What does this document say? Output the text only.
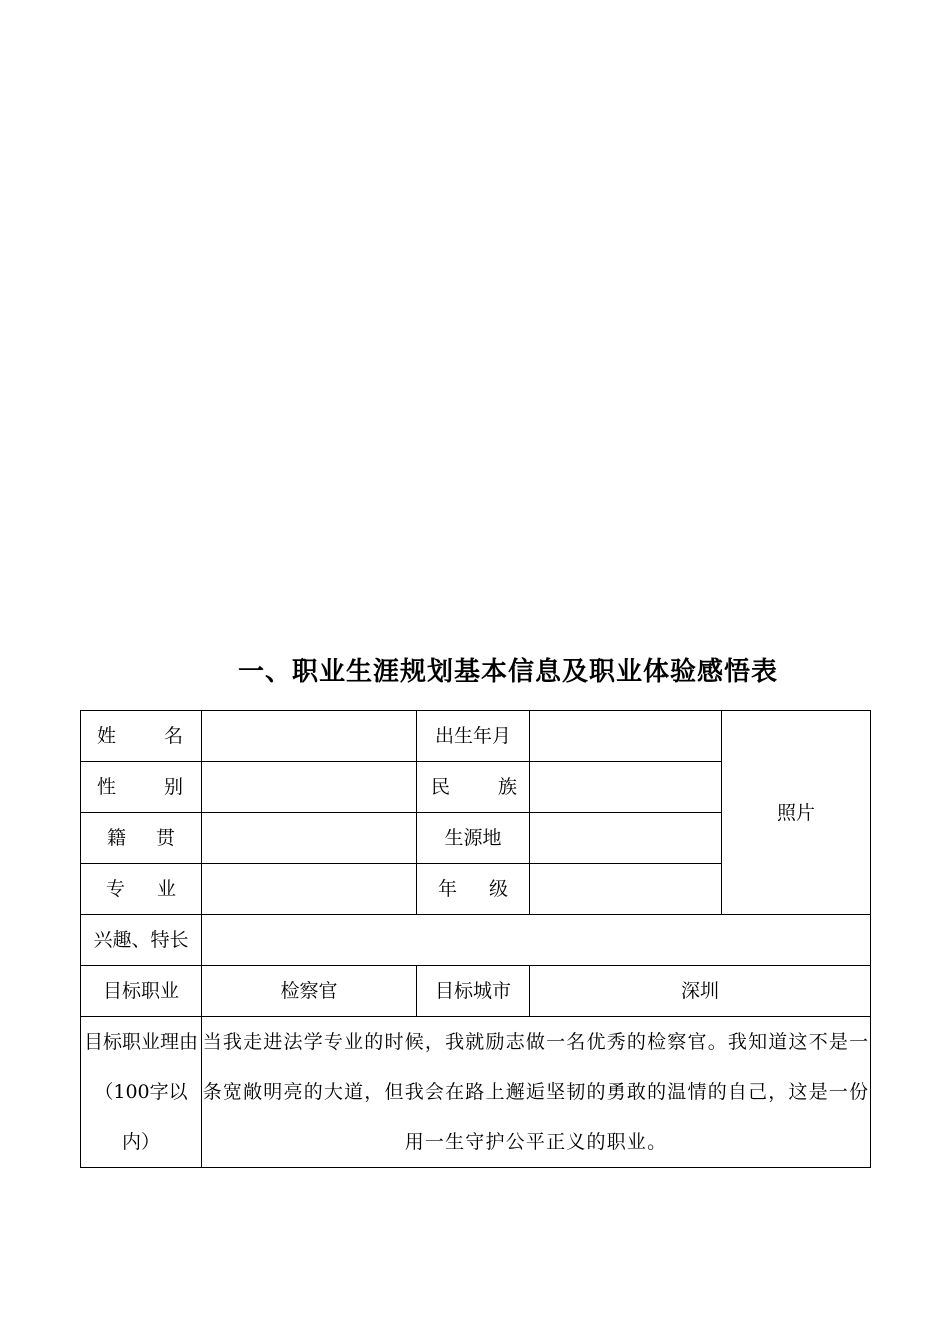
一、职业生涯规划基本信息及职业体验感悟表
姓 名		出生年月		照片

性 别		民 族		

籍 贯		生源地		

专 业		年 级		

兴趣、特长				
目标职业	检察官	目标城市	深圳	
目标职业理由（100字以内）	当我走进法学专业的时候，我就励志做一名优秀的检察官。我知道这不是一条宽敞明亮的大道，但我会在路上邂逅坚韧的勇敢的温情的自己，这是一份用一生守护公平正义的职业。			
